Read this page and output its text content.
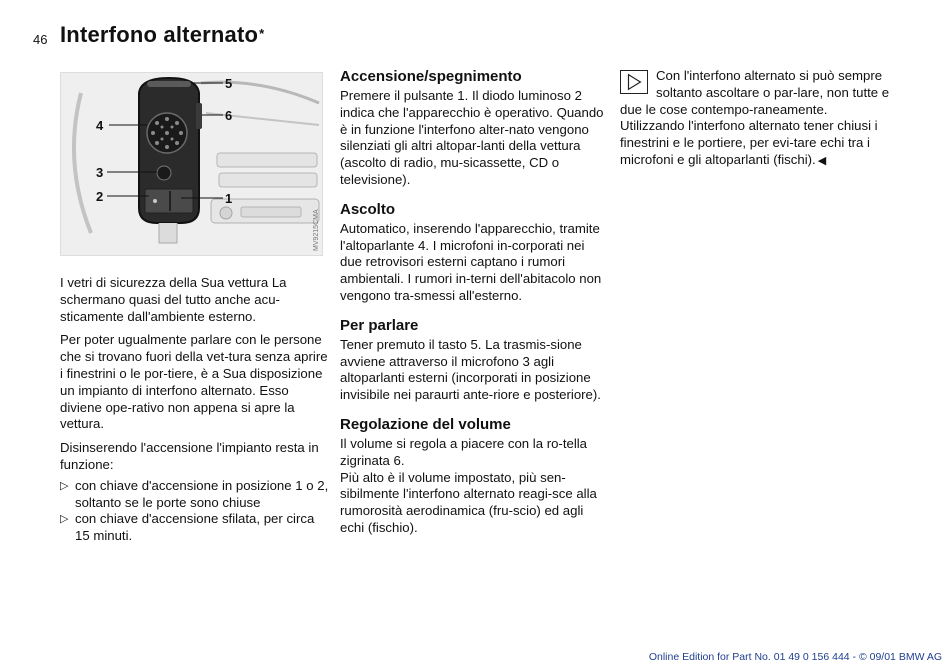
46 Interfono alternato*
5
6
4
3
2	1
MV9215CMA

I vetri di sicurezza della Sua vettura La schermano quasi del tutto anche acu-sticamente dall'ambiente esterno.

Per poter ugualmente parlare con le persone che si trovano fuori della vet-tura senza aprire i finestrini o le por-tiere, è a Sua disposizione un impianto di interfono alternato. Esso diviene ope-rativo non appena si apre la vettura.

Disinserendo l'accensione l'impianto resta in funzione:

▷ con chiave d'accensione in posizione 1 o 2, soltanto se le porte sono chiuse
▷ con chiave d'accensione sfilata, per circa 15 minuti.
Accensione/spegnimento

Premere il pulsante 1. Il diodo luminoso 2 indica che l'apparecchio è operativo. Quando è in funzione l'interfono alter-nato vengono silenziati gli altri altopar-lanti della vettura (ascolto di radio, mu-sicassette, CD o televisione).

Ascolto

Automatico, inserendo l'apparecchio, tramite l'altoparlante 4. I microfoni in-corporati nei due retrovisori esterni captano i rumori ambientali. I rumori in-terni dell'abitacolo non vengono tra-smessi all'esterno.

Per parlare

Tener premuto il tasto 5. La trasmis-sione avviene attraverso il microfono 3 agli altoparlanti esterni (incorporati in posizione invisibile nei paraurti ante-riore e posteriore).

Regolazione del volume

Il volume si regola a piacere con la ro-tella zigrinata 6.
Più alto è il volume impostato, più sen-sibilmente l'interfono alternato reagi-sce alla rumorosità aerodinamica (fru-scio) ed agli echi (fischio).

Con l'interfono alternato si può sempre soltanto ascoltare o par-lare, non tutte e due le cose contempo-raneamente.

Utilizzando l'interfono alternato tener chiusi i finestrini e le portiere, per evi-tare echi tra i microfoni e gli altoparlanti (fischi). ◀

Online Edition for Part No. 01 49 0 156 444 - © 09/01 BMW AG
